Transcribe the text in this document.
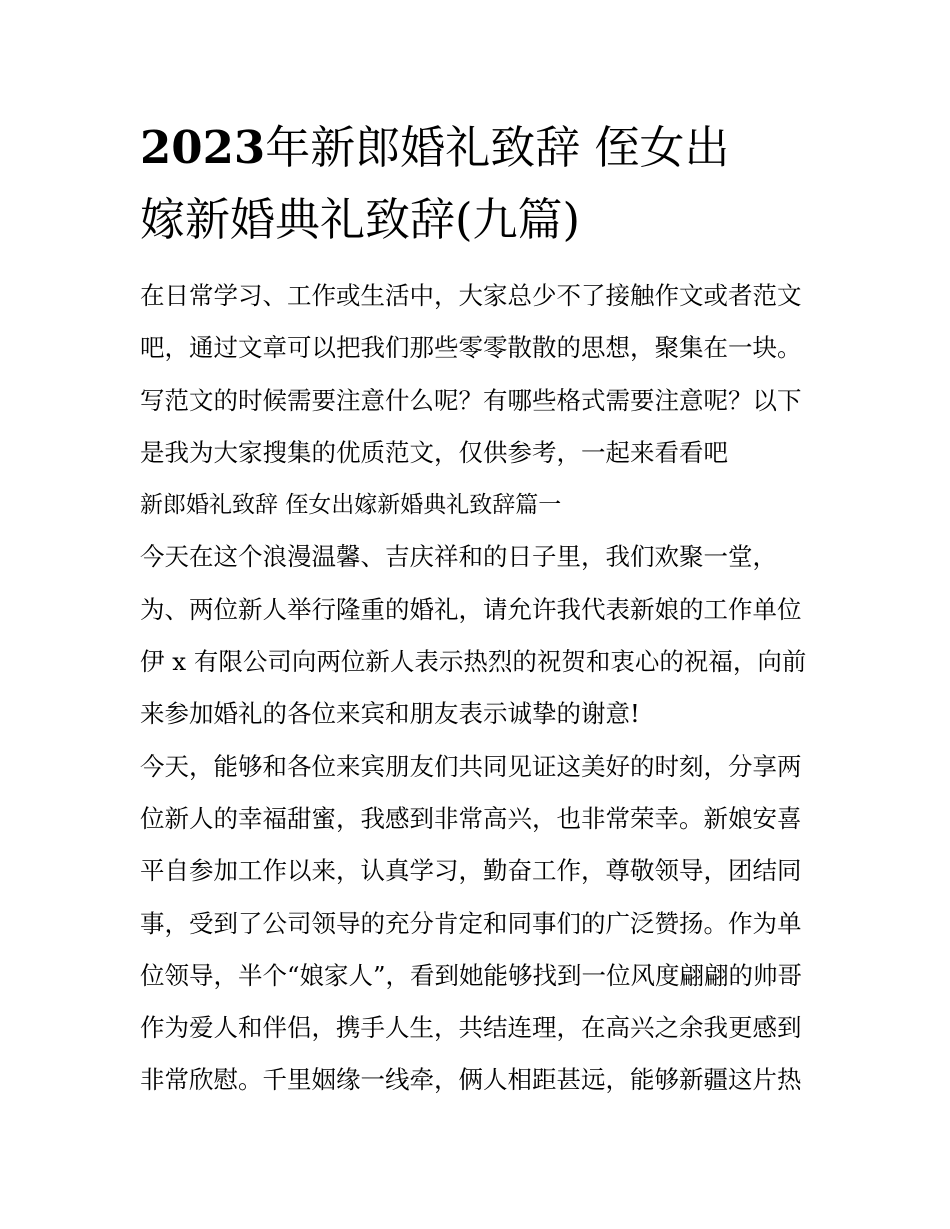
2023年新郎婚礼致辞 侄女出
嫁新婚典礼致辞(九篇)
在日常学习、工作或生活中，大家总少不了接触作文或者范文
吧，通过文章可以把我们那些零零散散的思想，聚集在一块。
写范文的时候需要注意什么呢？有哪些格式需要注意呢？以下
是我为大家搜集的优质范文，仅供参考，一起来看看吧
新郎婚礼致辞 侄女出嫁新婚典礼致辞篇一
今天在这个浪漫温馨、吉庆祥和的日子里，我们欢聚一堂，
为、两位新人举行隆重的婚礼，请允许我代表新娘的工作单位
伊 x 有限公司向两位新人表示热烈的祝贺和衷心的祝福，向前
来参加婚礼的各位来宾和朋友表示诚挚的谢意!
今天，能够和各位来宾朋友们共同见证这美好的时刻，分享两
位新人的幸福甜蜜，我感到非常高兴，也非常荣幸。新娘安喜
平自参加工作以来，认真学习，勤奋工作，尊敬领导，团结同
事，受到了公司领导的充分肯定和同事们的广泛赞扬。作为单
位领导，半个“娘家人”，看到她能够找到一位风度翩翩的帅哥
作为爱人和伴侣，携手人生，共结连理，在高兴之余我更感到
非常欣慰。千里姻缘一线牵，俩人相距甚远，能够新疆这片热
